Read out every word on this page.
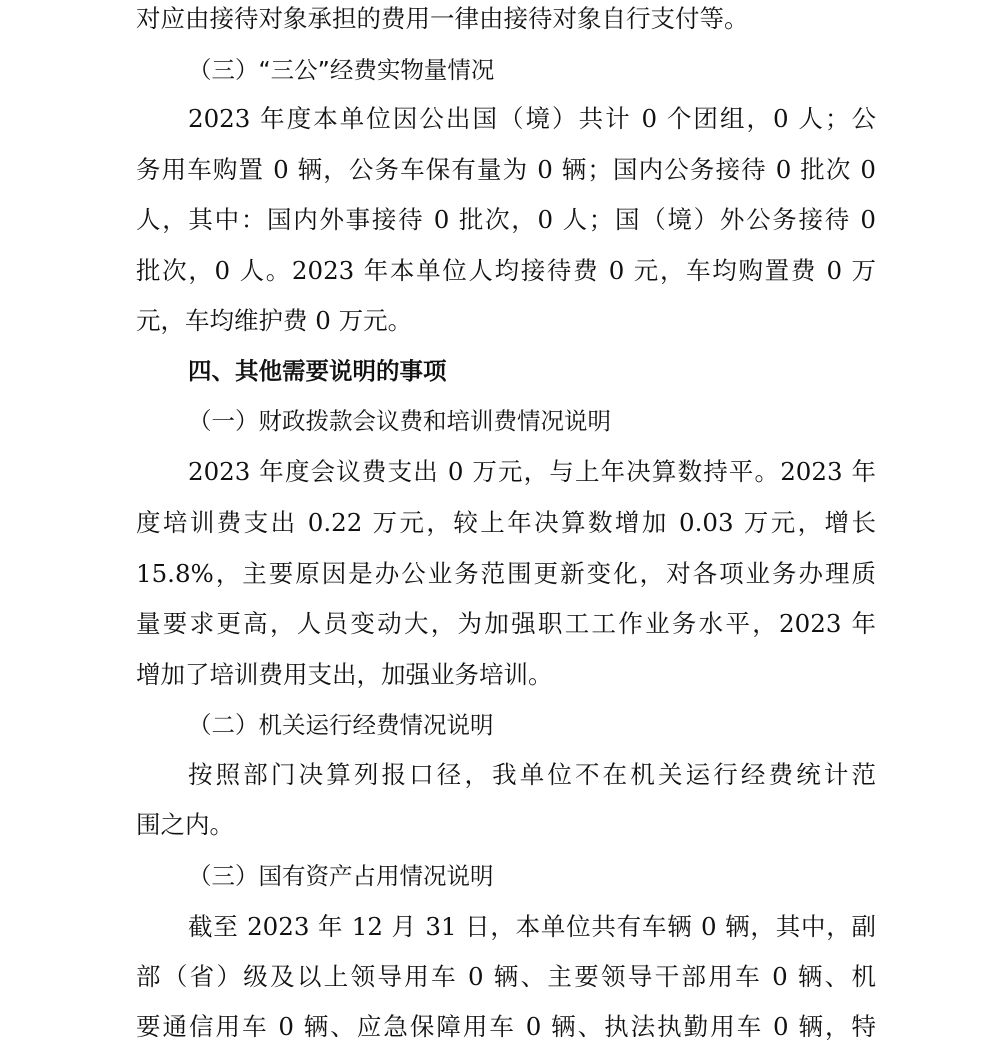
对应由接待对象承担的费用一律由接待对象自行支付等。
（三）“三公”经费实物量情况
2023 年度本单位因公出国（境）共计 0 个团组，0 人；公
务用车购置 0 辆，公务车保有量为 0 辆；国内公务接待 0 批次 0
人，其中：国内外事接待 0 批次，0 人；国（境）外公务接待 0
批次，0 人。2023 年本单位人均接待费 0 元，车均购置费 0 万
元，车均维护费 0 万元。
四、其他需要说明的事项
（一）财政拨款会议费和培训费情况说明
2023 年度会议费支出 0 万元，与上年决算数持平。2023 年
度培训费支出 0.22 万元，较上年决算数增加 0.03 万元，增长
15.8%，主要原因是办公业务范围更新变化，对各项业务办理质
量要求更高，人员变动大，为加强职工工作业务水平，2023 年
增加了培训费用支出，加强业务培训。
（二）机关运行经费情况说明
按照部门决算列报口径，我单位不在机关运行经费统计范
围之内。
（三）国有资产占用情况说明
截至 2023 年 12 月 31 日，本单位共有车辆 0 辆，其中，副
部（省）级及以上领导用车 0 辆、主要领导干部用车 0 辆、机
要通信用车 0 辆、应急保障用车 0 辆、执法执勤用车 0 辆，特
